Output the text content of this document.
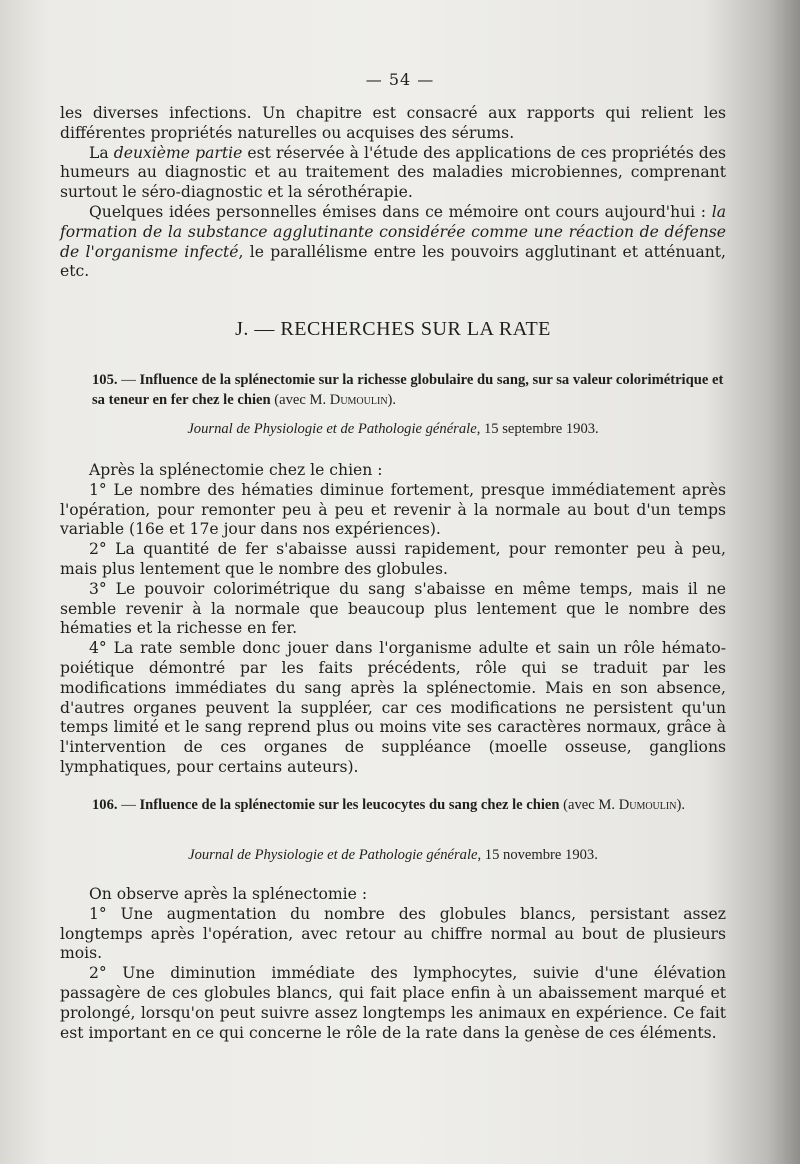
— 54 —

les diverses infections. Un chapitre est consacré aux rapports qui relient les différentes propriétés naturelles ou acquises des sérums.

La deuxième partie est réservée à l'étude des applications de ces propriétés des humeurs au diagnostic et au traitement des maladies microbiennes, comprenant surtout le séro-diagnostic et la sérothérapie.

Quelques idées personnelles émises dans ce mémoire ont cours aujourd'hui : la formation de la substance agglutinante considérée comme une réaction de défense de l'organisme infecté, le parallélisme entre les pouvoirs agglutinant et atténuant, etc.

J. — RECHERCHES SUR LA RATE
105. — Influence de la splénectomie sur la richesse globulaire du sang, sur sa valeur colorimétrique et sa teneur en fer chez le chien (avec M. Dumoulin).
Journal de Physiologie et de Pathologie générale, 15 septembre 1903.

Après la splénectomie chez le chien :

1° Le nombre des hématies diminue fortement, presque immédiatement après l'opération, pour remonter peu à peu et revenir à la normale au bout d'un temps variable (16e et 17e jour dans nos expériences).

2° La quantité de fer s'abaisse aussi rapidement, pour remonter peu à peu, mais plus lentement que le nombre des globules.

3° Le pouvoir colorimétrique du sang s'abaisse en même temps, mais il ne semble revenir à la normale que beaucoup plus lentement que le nombre des hématies et la richesse en fer.

4° La rate semble donc jouer dans l'organisme adulte et sain un rôle hémato-poiétique démontré par les faits précédents, rôle qui se traduit par les modifications immédiates du sang après la splénectomie. Mais en son absence, d'autres organes peuvent la suppléer, car ces modifications ne persistent qu'un temps limité et le sang reprend plus ou moins vite ses caractères normaux, grâce à l'intervention de ces organes de suppléance (moelle osseuse, ganglions lymphatiques, pour certains auteurs).

106. — Influence de la splénectomie sur les leucocytes du sang chez le chien (avec M. Dumoulin).
Journal de Physiologie et de Pathologie générale, 15 novembre 1903.

On observe après la splénectomie :

1° Une augmentation du nombre des globules blancs, persistant assez longtemps après l'opération, avec retour au chiffre normal au bout de plusieurs mois.

2° Une diminution immédiate des lymphocytes, suivie d'une élévation passagère de ces globules blancs, qui fait place enfin à un abaissement marqué et prolongé, lorsqu'on peut suivre assez longtemps les animaux en expérience. Ce fait est important en ce qui concerne le rôle de la rate dans la genèse de ces éléments.
